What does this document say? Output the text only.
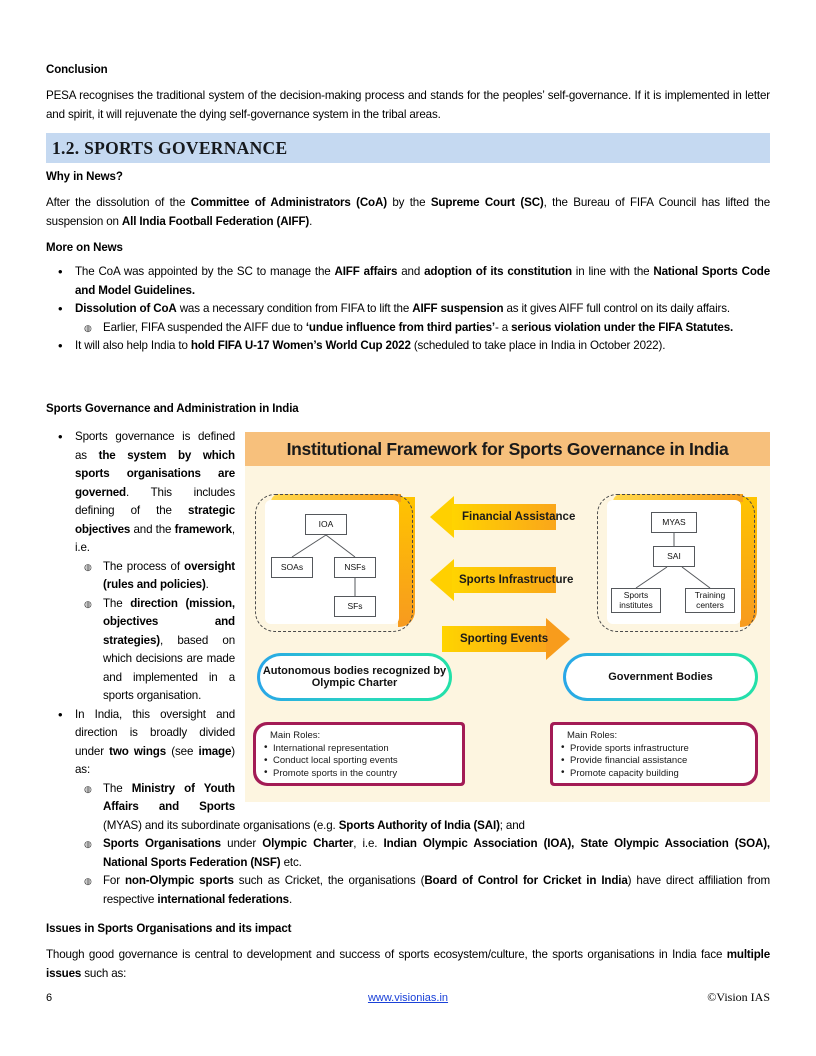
Conclusion
PESA recognises the traditional system of the decision-making process and stands for the peoples’ self-governance. If it is implemented in letter and spirit, it will rejuvenate the dying self-governance system in the tribal areas.
1.2. SPORTS GOVERNANCE
Why in News?
After the dissolution of the Committee of Administrators (CoA) by the Supreme Court (SC), the Bureau of FIFA Council has lifted the suspension on All India Football Federation (AIFF).
More on News
• The CoA was appointed by the SC to manage the AIFF affairs and adoption of its constitution in line with the National Sports Code and Model Guidelines.
• Dissolution of CoA was a necessary condition from FIFA to lift the AIFF suspension as it gives AIFF full control on its daily affairs.
◍ Earlier, FIFA suspended the AIFF due to ‘undue influence from third parties’- a serious violation under the FIFA Statutes.
• It will also help India to hold FIFA U-17 Women’s World Cup 2022 (scheduled to take place in India in October 2022).
Sports Governance and Administration in India
Institutional Framework for Sports Governance in India
IOA
SOAs	NSFs
SFs
Financial Assistance
Sports Infrastructure
Sporting Events
MYAS
SAI
Sports institutes
Training centers
Autonomous bodies recognized by Olympic Charter
Government Bodies
Main Roles:
• International representation
• Conduct local sporting events
• Promote sports in the country
Main Roles:
• Provide sports infrastructure
• Provide financial assistance
• Promote capacity building
• Sports governance is defined as the system by which sports organisations are governed. This includes defining of the strategic objectives and the framework, i.e.
◍ The process of oversight (rules and policies).
◍ The direction (mission, objectives and strategies), based on which decisions are made and implemented in a sports organisation.
• In India, this oversight and direction is broadly divided under two wings (see image) as:
◍ The Ministry of Youth Affairs and Sports (MYAS) and its subordinate organisations (e.g. Sports Authority of India (SAI); and
◍ Sports Organisations under Olympic Charter, i.e. Indian Olympic Association (IOA), State Olympic Association (SOA), National Sports Federation (NSF) etc.
◍ For non-Olympic sports such as Cricket, the organisations (Board of Control for Cricket in India) have direct affiliation from respective international federations.
Issues in Sports Organisations and its impact
Though good governance is central to development and success of sports ecosystem/culture, the sports organisations in India face multiple issues such as:
6	www.visionias.in	©Vision IAS
